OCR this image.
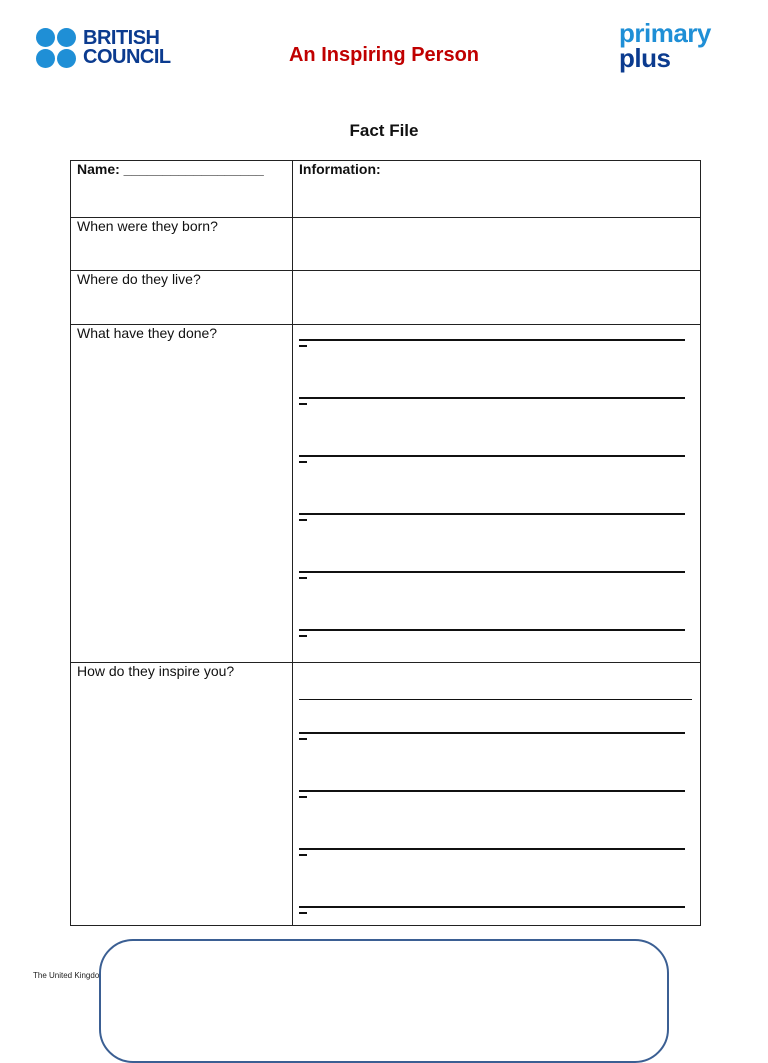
BRITISH
COUNCIL	An Inspiring Person
primary
plus
Fact File
Name: __________________	Information:
When were they born?	
Where do they live?	
What have they done?	

How do they inspire you?	
The United Kingdo
